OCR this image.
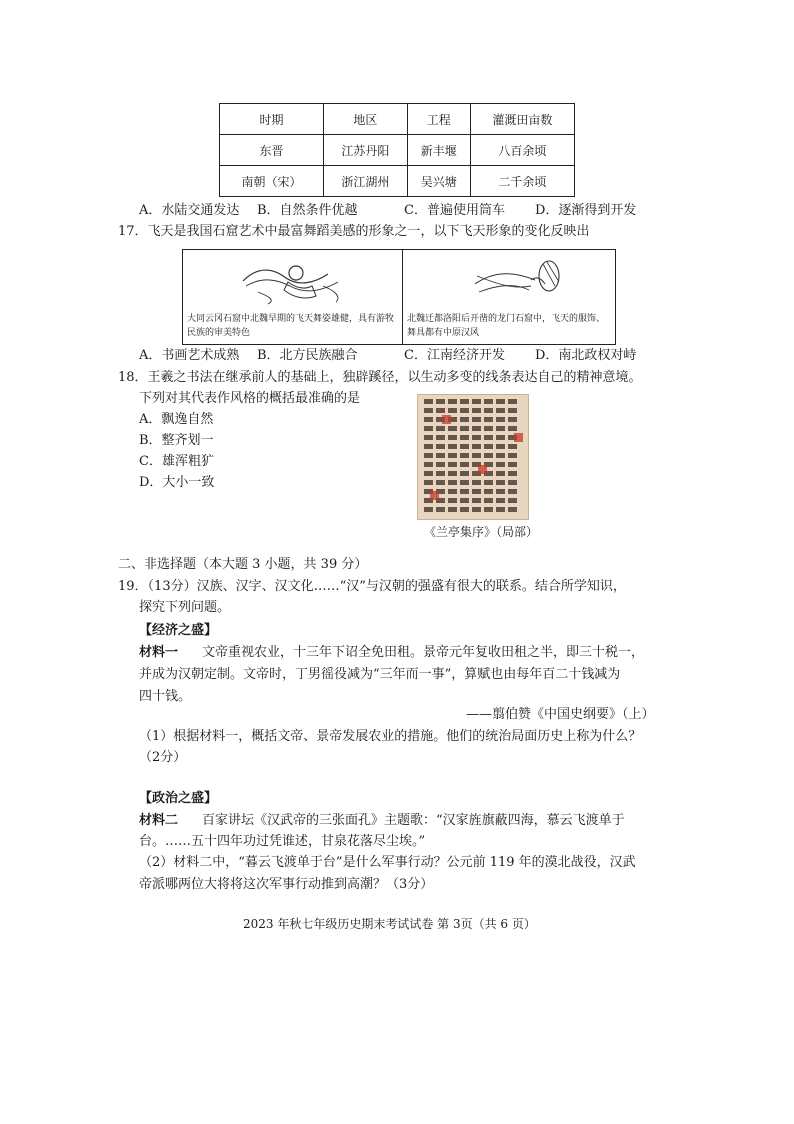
时期	地区	工程	灌溉田亩数
东晋	江苏丹阳	新丰堰	八百余顷
南朝（宋）	浙江湖州	吴兴塘	二千余顷
A．水陆交通发达 B．自然条件优越	C．普遍使用筒车 D．逐渐得到开发
17．飞天是我国石窟艺术中最富舞蹈美感的形象之一，以下飞天形象的变化反映出
大同云冈石窟中北魏早期的飞天舞姿雄健，具有游牧民族的审美特色
北魏迁都洛阳后开凿的龙门石窟中，飞天的服饰、舞具都有中原汉风
A．书画艺术成熟 B．北方民族融合	C．江南经济开发 D．南北政权对峙
18．王羲之书法在继承前人的基础上，独辟蹊径，以生动多变的线条表达自己的精神意境。
下列对其代表作风格的概括最准确的是
A．飘逸自然
B．整齐划一
C．雄浑粗犷
D．大小一致
《兰亭集序》（局部）
二、非选择题（本大题 3 小题，共 39 分）
19．（13分）汉族、汉字、汉文化……“汉”与汉朝的强盛有很大的联系。结合所学知识，
探究下列问题。
【经济之盛】
材料一 文帝重视农业，十三年下诏全免田租。景帝元年复收田租之半，即三十税一，
并成为汉朝定制。文帝时，丁男徭役减为“三年而一事”，算赋也由每年百二十钱减为
四十钱。
——翦伯赞《中国史纲要》（上）
（1）根据材料一，概括文帝、景帝发展农业的措施。他们的统治局面历史上称为什么？
（2分）
【政治之盛】
材料二 百家讲坛《汉武帝的三张面孔》主题歌：“汉家旌旗蔽四海，慕云飞渡单于
台。……五十四年功过凭谁述，甘泉花落尽尘埃。”
（2）材料二中，“暮云飞渡单于台”是什么军事行动？公元前 119 年的漠北战役，汉武
帝派哪两位大将将这次军事行动推到高潮？（3分）
2023 年秋七年级历史期末考试试卷 第 3页（共 6 页）
